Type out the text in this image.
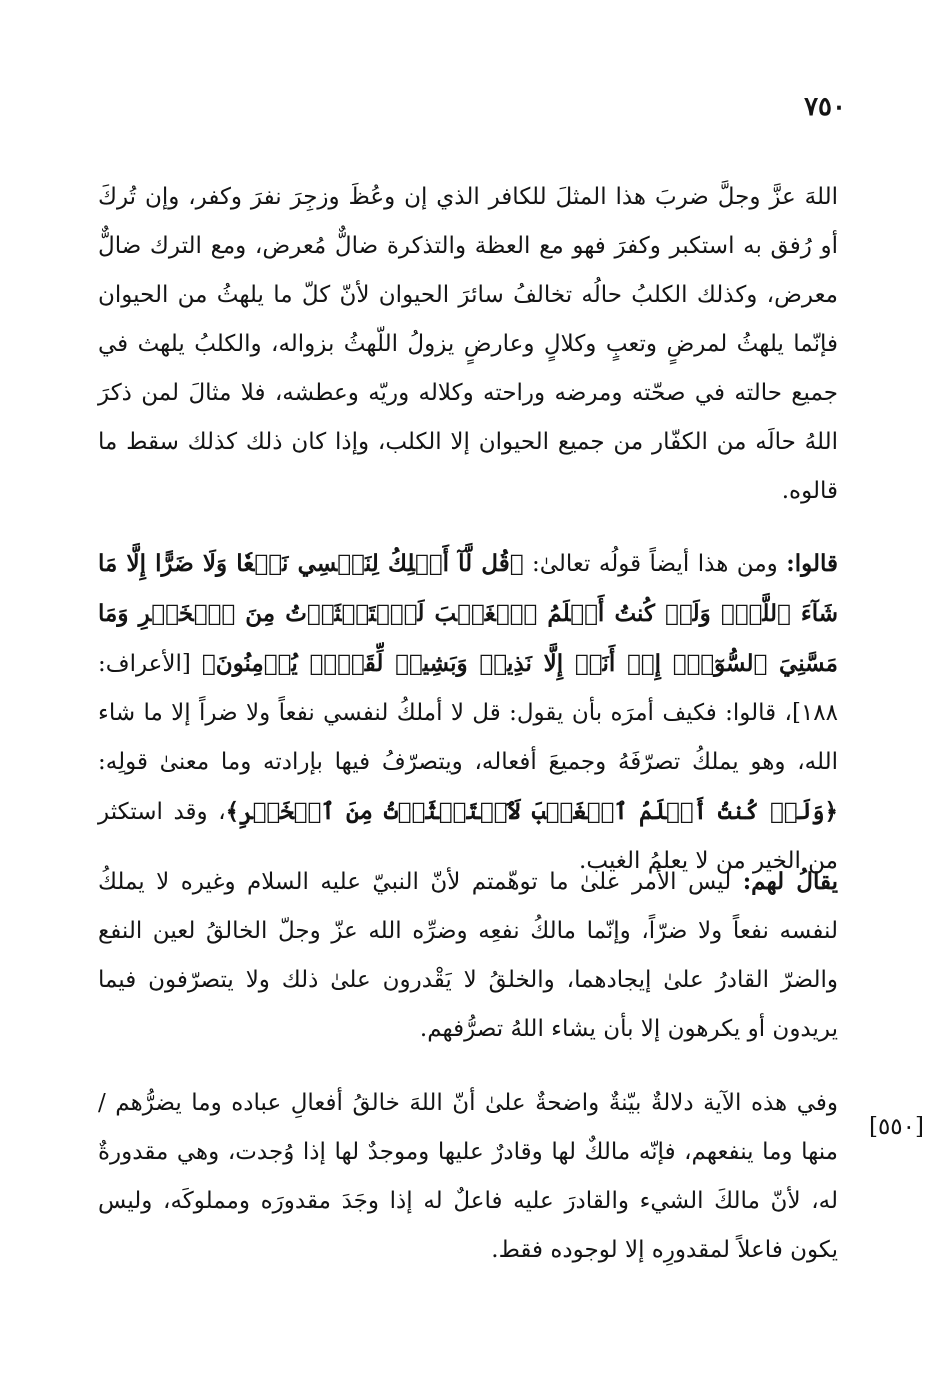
٧٥٠

اللهَ عزَّ وجلَّ ضربَ هذا المثلَ للكافر الذي إن وعُظَ وزجِرَ نفرَ وكفر، وإن تُركَ أو رُفق به استكبر وكفرَ فهو مع العظة والتذكرة ضالٌّ مُعرض، ومع الترك ضالٌّ معرض، وكذلك الكلبُ حالُه تخالفُ سائرَ الحيوان لأنّ كلّ ما يلهثُ من الحيوان فإنّما يلهثُ لمرضٍ وتعبٍ وكلالٍ وعارضٍ يزولُ اللّهثُ بزواله، والكلبُ يلهث في جميع حالته في صحّته ومرضه وراحته وكلاله وريّه وعطشه، فلا مثالَ لمن ذكرَ اللهُ حالَه من الكفّار من جميع الحيوان إلا الكلب، وإذا كان ذلك كذلك سقط ما قالوه.

قالوا: ومن هذا أيضاً قولُه تعالىٰ: ﴿قُل لَّآ أَمۡلِكُ لِنَفۡسِي نَفۡعٗا وَلَا ضَرًّا إِلَّا مَا شَآءَ ٱللَّهُۚ وَلَوۡ كُنتُ أَعۡلَمُ ٱلۡغَيۡبَ لَٱسۡتَكۡثَرۡتُ مِنَ ٱلۡخَيۡرِ وَمَا مَسَّنِيَ ٱلسُّوٓءُۚ إِنۡ أَنَا۠ إِلَّا نَذِيرٞ وَبَشِيرٞ لِّقَوۡمٖ يُؤۡمِنُونَ﴾ [الأعراف: ١٨٨]، قالوا: فكيف أمرَه بأن يقول: قل لا أملكُ لنفسي نفعاً ولا ضراً إلا ما شاء الله، وهو يملكُ تصرّفَهُ وجميعَ أفعاله، ويتصرّفُ فيها بإرادته وما معنىٰ قولِه: ﴿وَلَوۡ كُنتُ أَعۡلَمُ ٱلۡغَيۡبَ لَٱسۡتَكۡثَرۡتُ مِنَ ٱلۡخَيۡرِ﴾، وقد استكثر من الخير من لا يعلمُ الغيب.

يقالُ لهم: ليس الأمر علىٰ ما توهّمتم لأنّ النبيّ عليه السلام وغيره لا يملكُ لنفسه نفعاً ولا ضرّاً، وإنّما مالكُ نفعِه وضرِّه الله عزّ وجلّ الخالقُ لعين النفع والضرّ القادرُ علىٰ إيجادهما، والخلقُ لا يَقْدرون علىٰ ذلك ولا يتصرّفون فيما يريدون أو يكرهون إلا بأن يشاء اللهُ تصرُّفهم.

وفي هذه الآية دلالةٌ بيّنةٌ واضحةٌ علىٰ أنّ اللهَ خالقُ أفعالِ عباده وما يضرُّهم / منها وما ينفعهم، فإنّه مالكٌ لها وقادرٌ عليها وموجدٌ لها إذا وُجدت، وهي مقدورةٌ له، لأنّ مالكَ الشيء والقادرَ عليه فاعلٌ له إذا وجَدَ مقدورَه ومملوكَه، وليس يكون فاعلاً لمقدورِه إلا لوجوده فقط.

[٥٥٠]
